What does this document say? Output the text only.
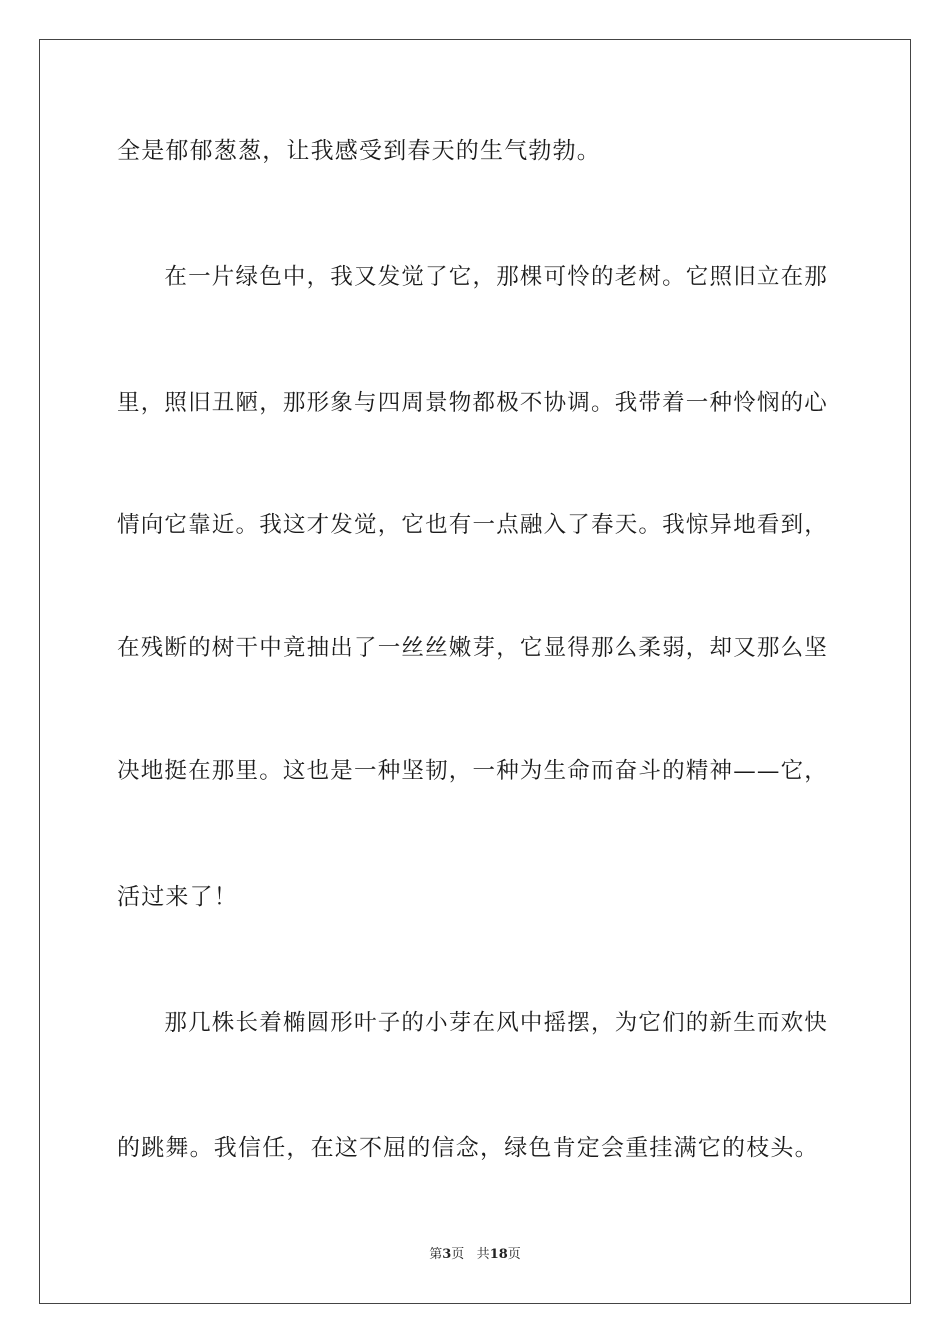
全是郁郁葱葱，让我感受到春天的生气勃勃。
　　在一片绿色中，我又发觉了它，那棵可怜的老树。它照旧立在那
里，照旧丑陋，那形象与四周景物都极不协调。我带着一种怜悯的心
情向它靠近。我这才发觉，它也有一点融入了春天。我惊异地看到，
在残断的树干中竟抽出了一丝丝嫩芽，它显得那么柔弱，却又那么坚
决地挺在那里。这也是一种坚韧，一种为生命而奋斗的精神——它，
活过来了！
　　那几株长着椭圆形叶子的小芽在风中摇摆，为它们的新生而欢快
的跳舞。我信任，在这不屈的信念，绿色肯定会重挂满它的枝头。
第3页 共18页
